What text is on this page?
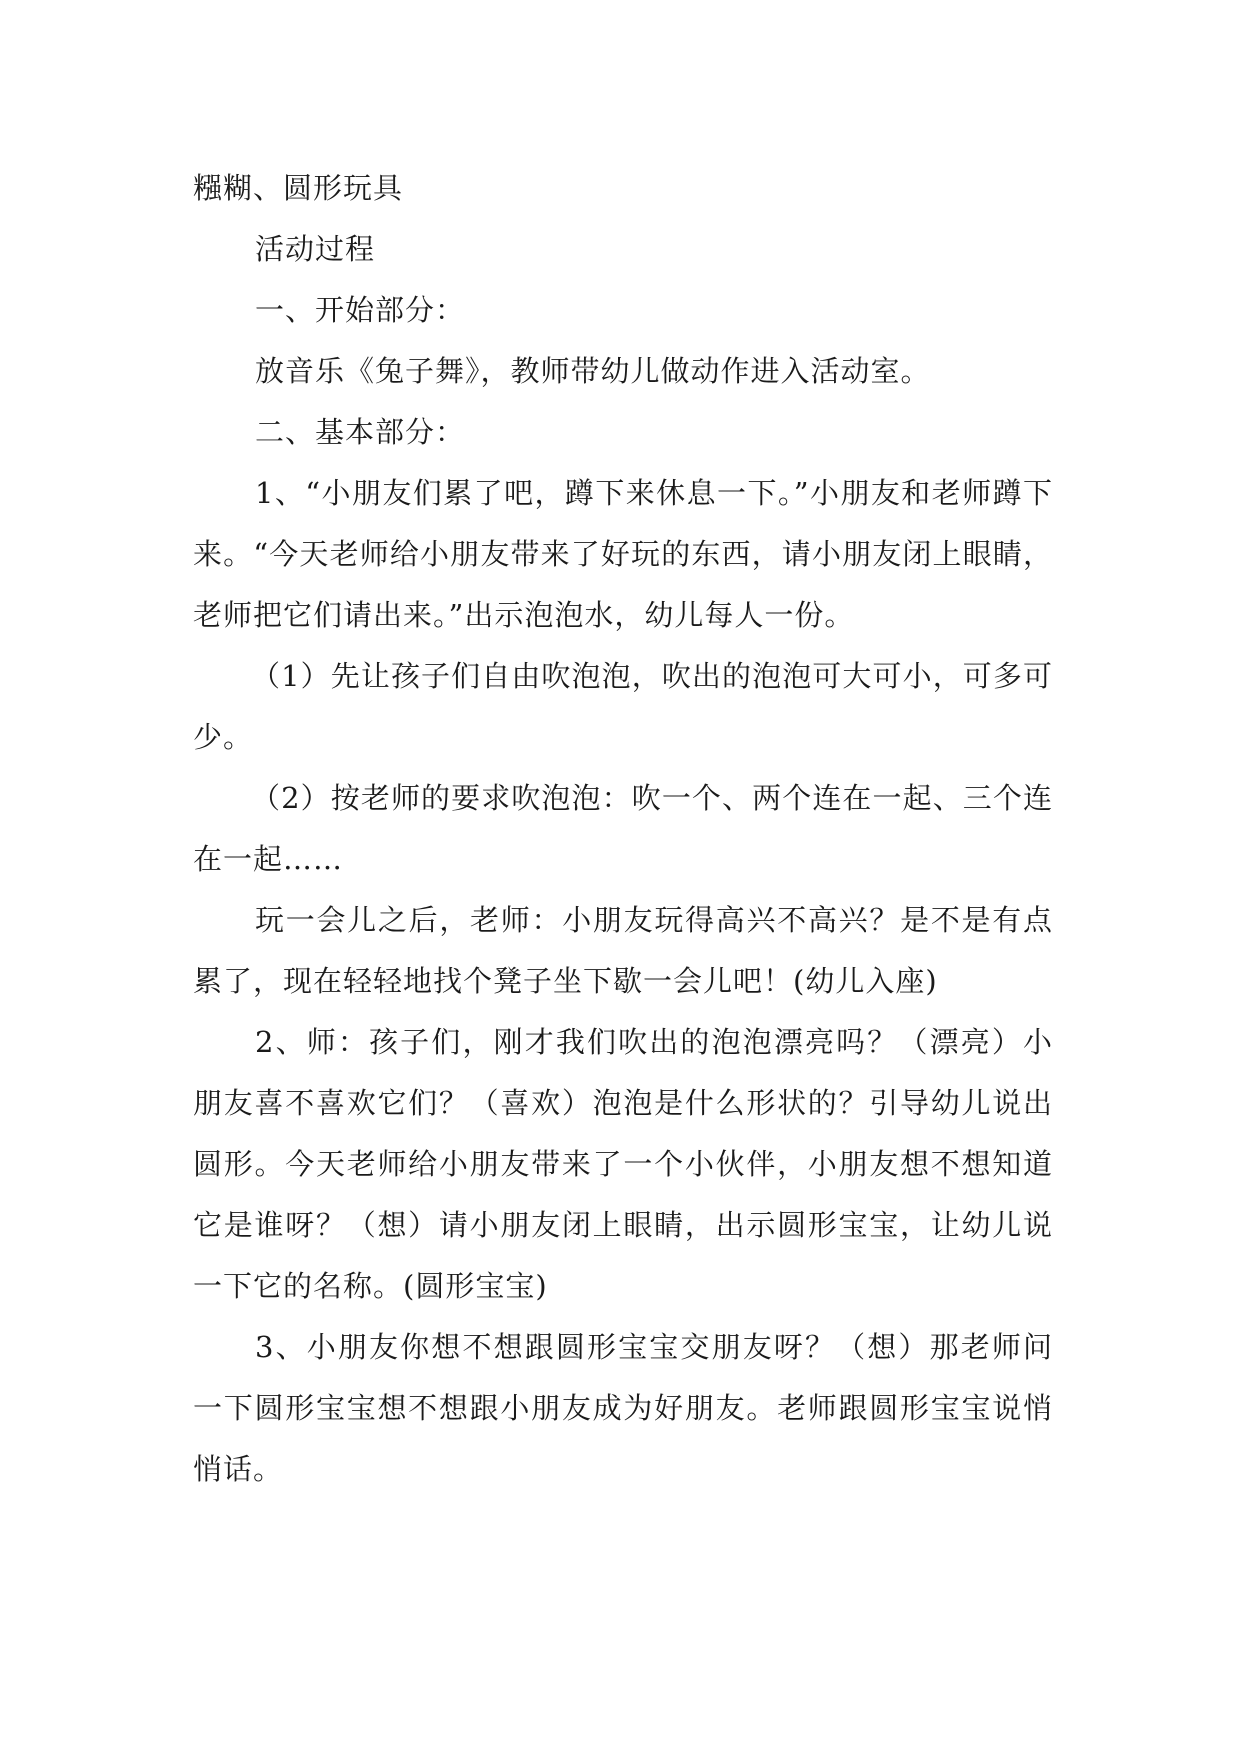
糨糊、圆形玩具

活动过程

一、开始部分：

放音乐《兔子舞》，教师带幼儿做动作进入活动室。

二、基本部分：

1、“小朋友们累了吧，蹲下来休息一下。”小朋友和老师蹲下来。“今天老师给小朋友带来了好玩的东西，请小朋友闭上眼睛，老师把它们请出来。”出示泡泡水，幼儿每人一份。

（1）先让孩子们自由吹泡泡，吹出的泡泡可大可小，可多可少。

（2）按老师的要求吹泡泡：吹一个、两个连在一起、三个连在一起……

玩一会儿之后，老师：小朋友玩得高兴不高兴？是不是有点累了，现在轻轻地找个凳子坐下歇一会儿吧！(幼儿入座)

2、师：孩子们，刚才我们吹出的泡泡漂亮吗？（漂亮）小朋友喜不喜欢它们？（喜欢）泡泡是什么形状的？引导幼儿说出圆形。今天老师给小朋友带来了一个小伙伴，小朋友想不想知道它是谁呀？（想）请小朋友闭上眼睛，出示圆形宝宝，让幼儿说一下它的名称。(圆形宝宝)

3、小朋友你想不想跟圆形宝宝交朋友呀？（想）那老师问一下圆形宝宝想不想跟小朋友成为好朋友。老师跟圆形宝宝说悄悄话。
